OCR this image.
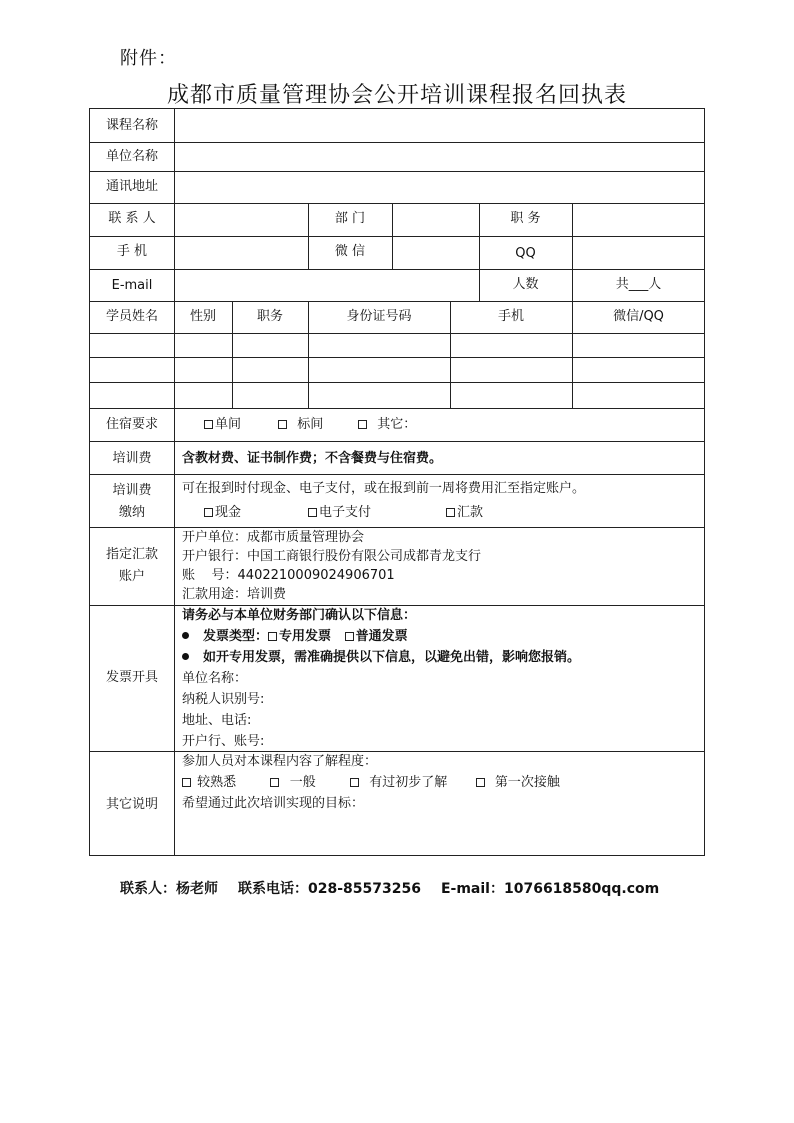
附件：
成都市质量管理协会公开培训课程报名回执表
课程名称
单位名称
通讯地址
联 系 人	部 门	职 务
手 机	微 信	QQ
E-mail	人数	共___人
学员姓名	性别	职务	身份证号码	手机	微信/QQ
住宿要求	单间	标间	其它：
培训费	含教材费、证书制作费；不含餐费与住宿费。
培训费
缴纳
可在报到时付现金、电子支付，或在报到前一周将费用汇至指定账户。
现金	电子支付	汇款
指定汇款
账户
开户单位：成都市质量管理协会
开户银行：中国工商银行股份有限公司成都青龙支行
账    号：4402210009024906701
汇款用途：培训费
发票开具
请务必与本单位财务部门确认以下信息：
发票类型： 专用发票 普通发票
如开专用发票，需准确提供以下信息，以避免出错，影响您报销。
单位名称：
纳税人识别号:
地址、电话:
开户行、账号:
其它说明
参加人员对本课程内容了解程度：
较熟悉	一般	有过初步了解	第一次接触
希望通过此次培训实现的目标：
联系人：杨老师 联系电话：028-85573256 E-mail：1076618580qq.com
